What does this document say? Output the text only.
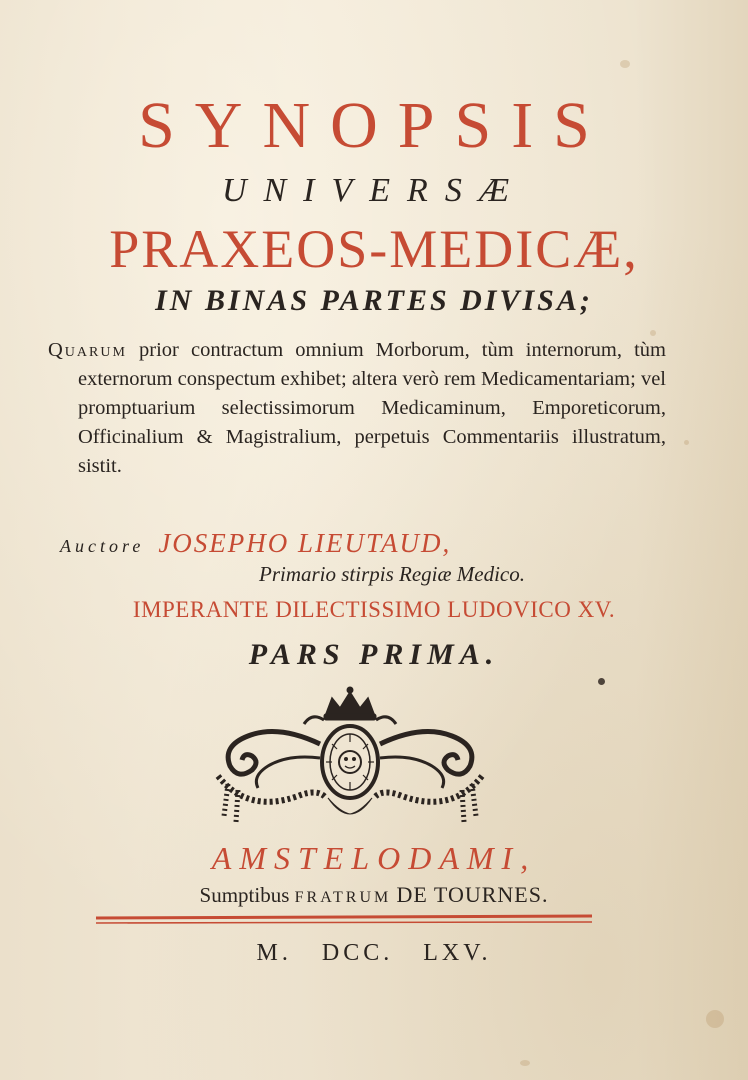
SYNOPSIS
UNIVERSÆ
PRAXEOS-MEDICÆ,
IN BINAS PARTES DIVISA;
Quarum prior contractum omnium Morborum, tùm internorum, tùm externorum conspectum exhibet; altera verò rem Medicamentariam; vel promptuarium selectissimorum Medicaminum, Emporeticorum, Officinalium & Magistralium, perpetuis Commentariis illustratum, sistit.
Auctore JOSEPHO LIEUTAUD,
Primario stirpis Regiæ Medico.
IMPERANTE DILECTISSIMO LUDOVICO XV.
PARS PRIMA.
AMSTELODAMI,
Sumptibus FRATRUM DE TOURNES.
M. DCC. LXV.
